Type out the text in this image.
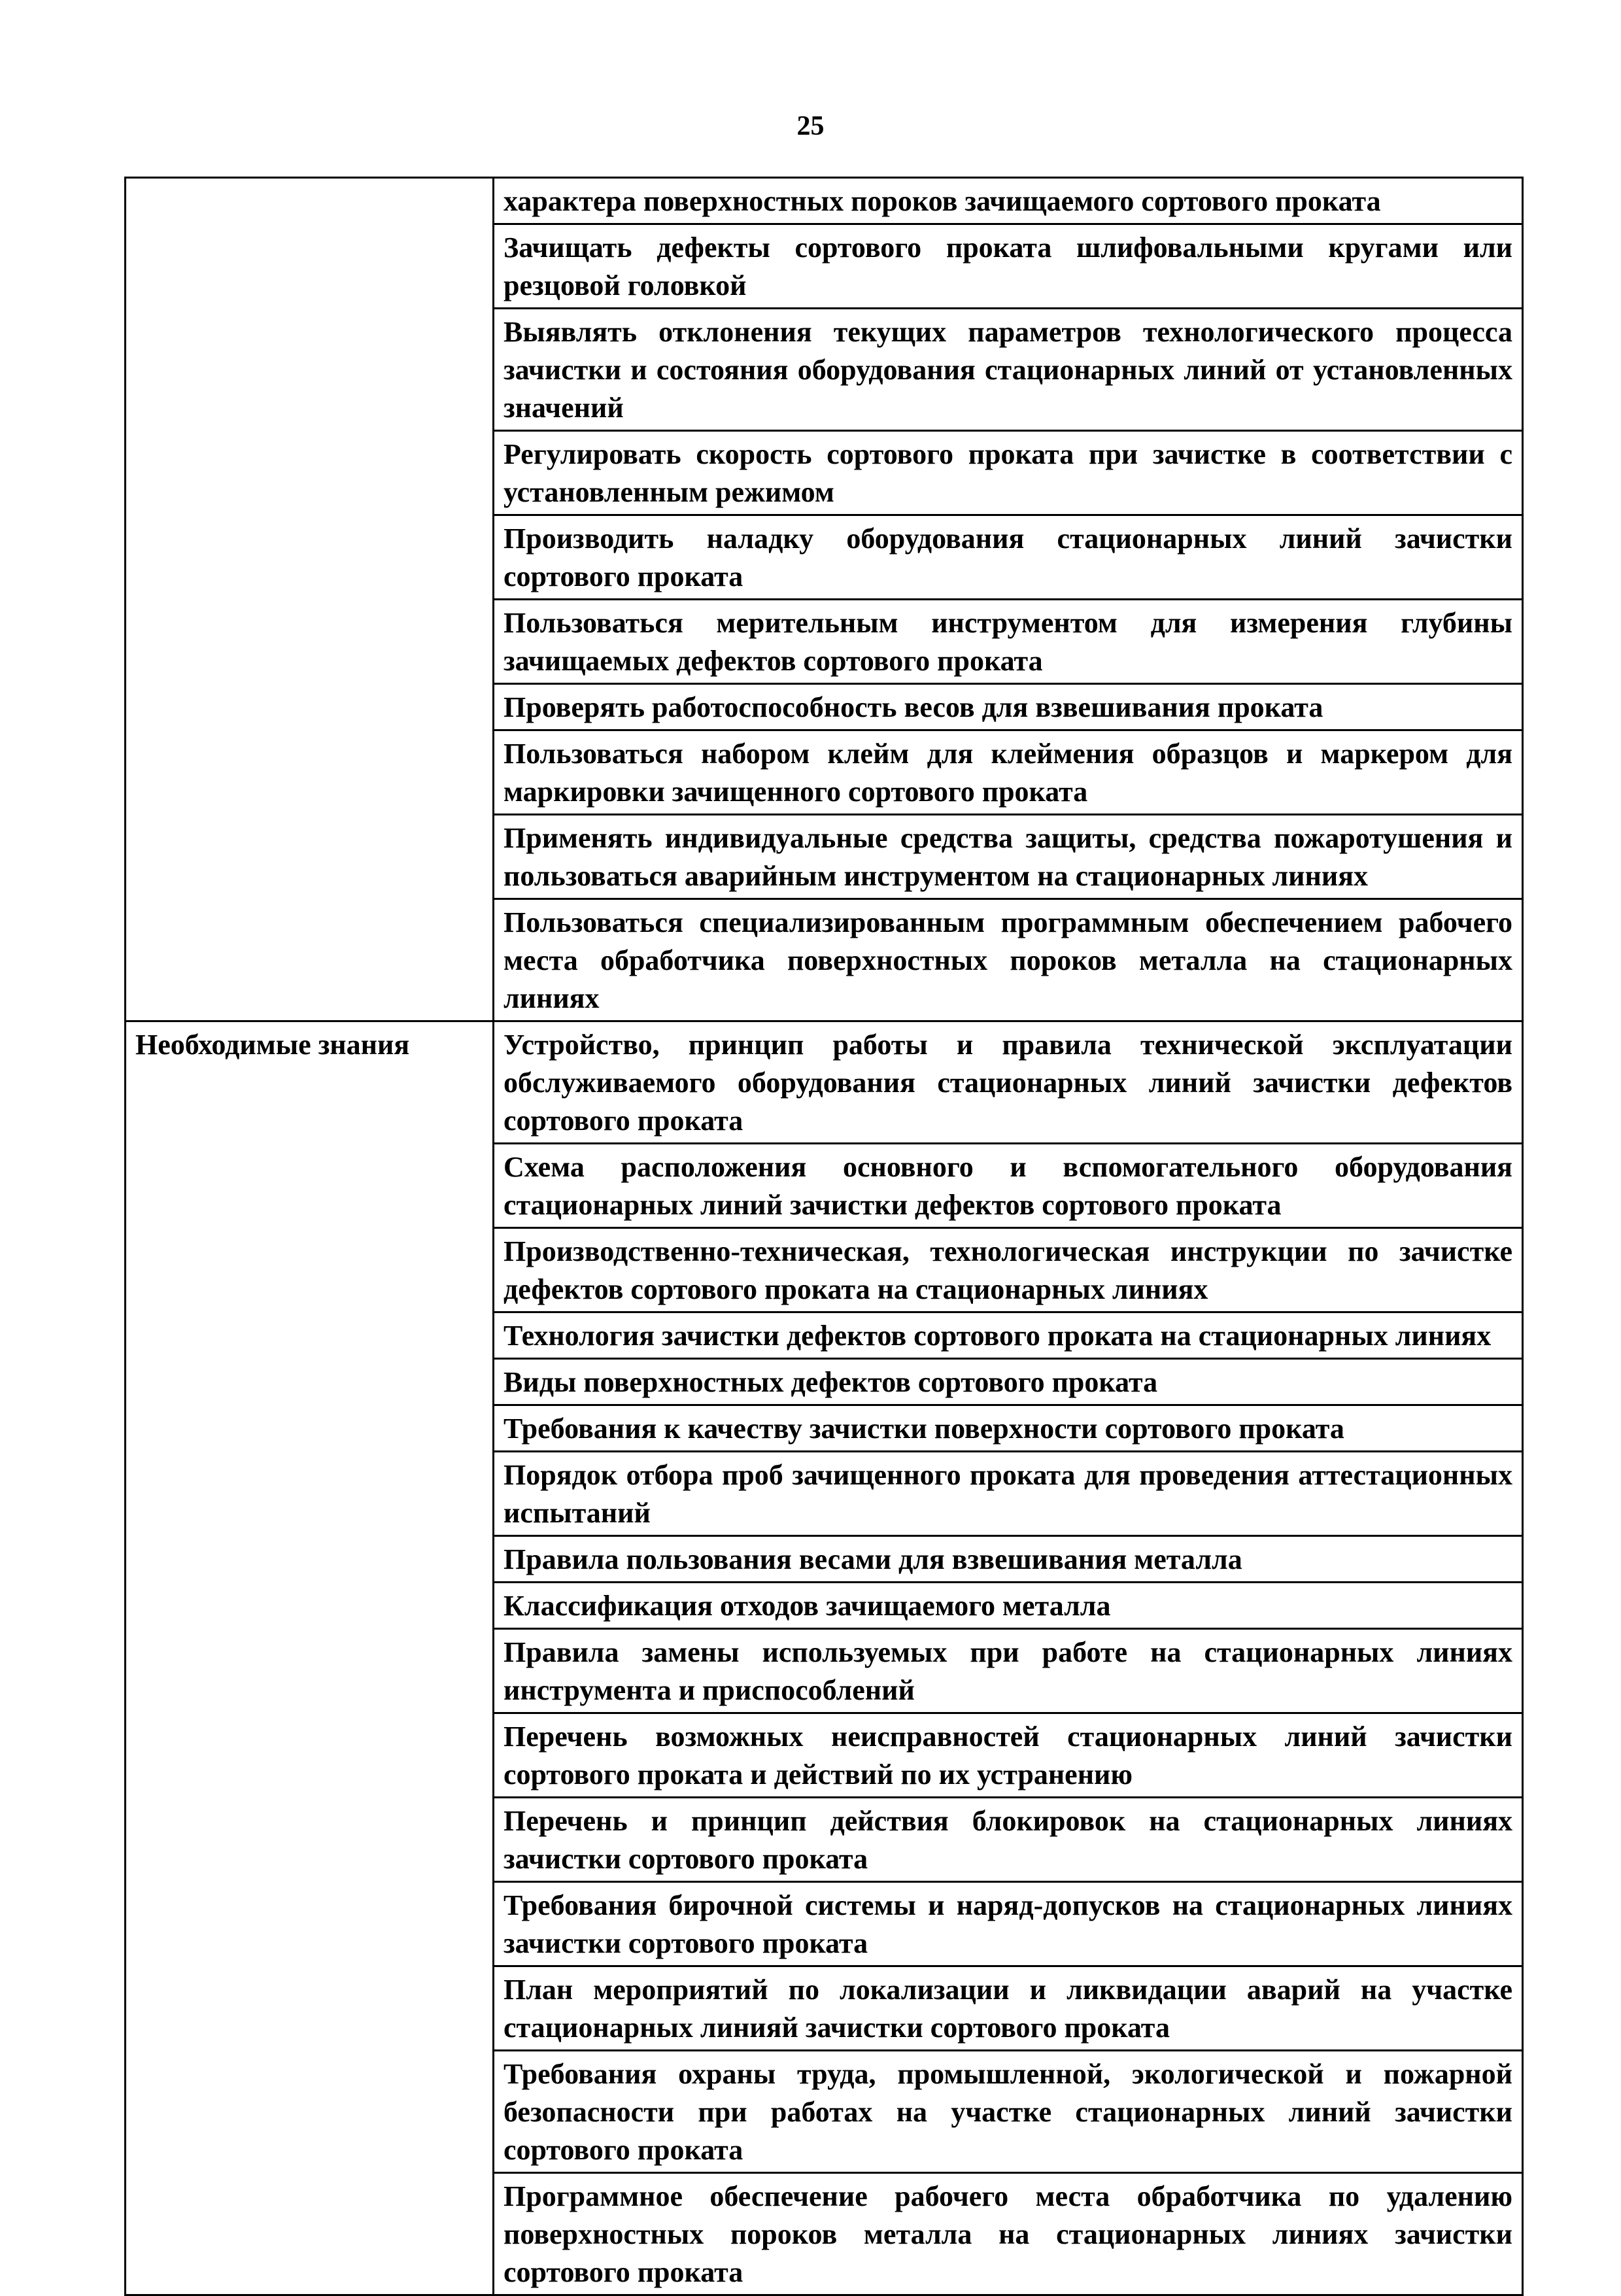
25
	характера поверхностных пороков зачищаемого сортового проката
	Зачищать дефекты сортового проката шлифовальными кругами или резцовой головкой
	Выявлять отклонения текущих параметров технологического процесса зачистки и состояния оборудования стационарных линий от установленных значений
	Регулировать скорость сортового проката при зачистке в соответствии с установленным режимом
	Производить наладку оборудования стационарных линий зачистки сортового проката
	Пользоваться мерительным инструментом для измерения глубины зачищаемых дефектов сортового проката
	Проверять работоспособность весов для взвешивания проката
	Пользоваться набором клейм для клеймения образцов и маркером для маркировки зачищенного сортового проката
	Применять индивидуальные средства защиты, средства пожаротушения и пользоваться аварийным инструментом на стационарных линиях
	Пользоваться специализированным программным обеспечением рабочего места обработчика поверхностных пороков металла на стационарных линиях
Необходимые знания	Устройство, принцип работы и правила технической эксплуатации обслуживаемого оборудования стационарных линий зачистки дефектов сортового проката
	Схема расположения основного и вспомогательного оборудования стационарных линий зачистки дефектов сортового проката
	Производственно-техническая, технологическая инструкции по зачистке дефектов сортового проката на стационарных линиях
	Технология зачистки дефектов сортового проката на стационарных линиях
	Виды поверхностных дефектов сортового проката
	Требования к качеству зачистки поверхности сортового проката
	Порядок отбора проб зачищенного проката для проведения аттестационных испытаний
	Правила пользования весами для взвешивания металла
	Классификация отходов зачищаемого металла
	Правила замены используемых при работе на стационарных линиях инструмента и приспособлений
	Перечень возможных неисправностей стационарных линий зачистки сортового проката и действий по их устранению
	Перечень и принцип действия блокировок на стационарных линиях зачистки сортового проката
	Требования бирочной системы и наряд-допусков на стационарных линиях зачистки сортового проката
	План мероприятий по локализации и ликвидации аварий на участке стационарных линияй зачистки сортового проката
	Требования охраны труда, промышленной, экологической и пожарной безопасности при работах на участке стационарных линий зачистки сортового проката
	Программное обеспечение рабочего места обработчика по удалению поверхностных пороков металла на стационарных линиях зачистки сортового проката
